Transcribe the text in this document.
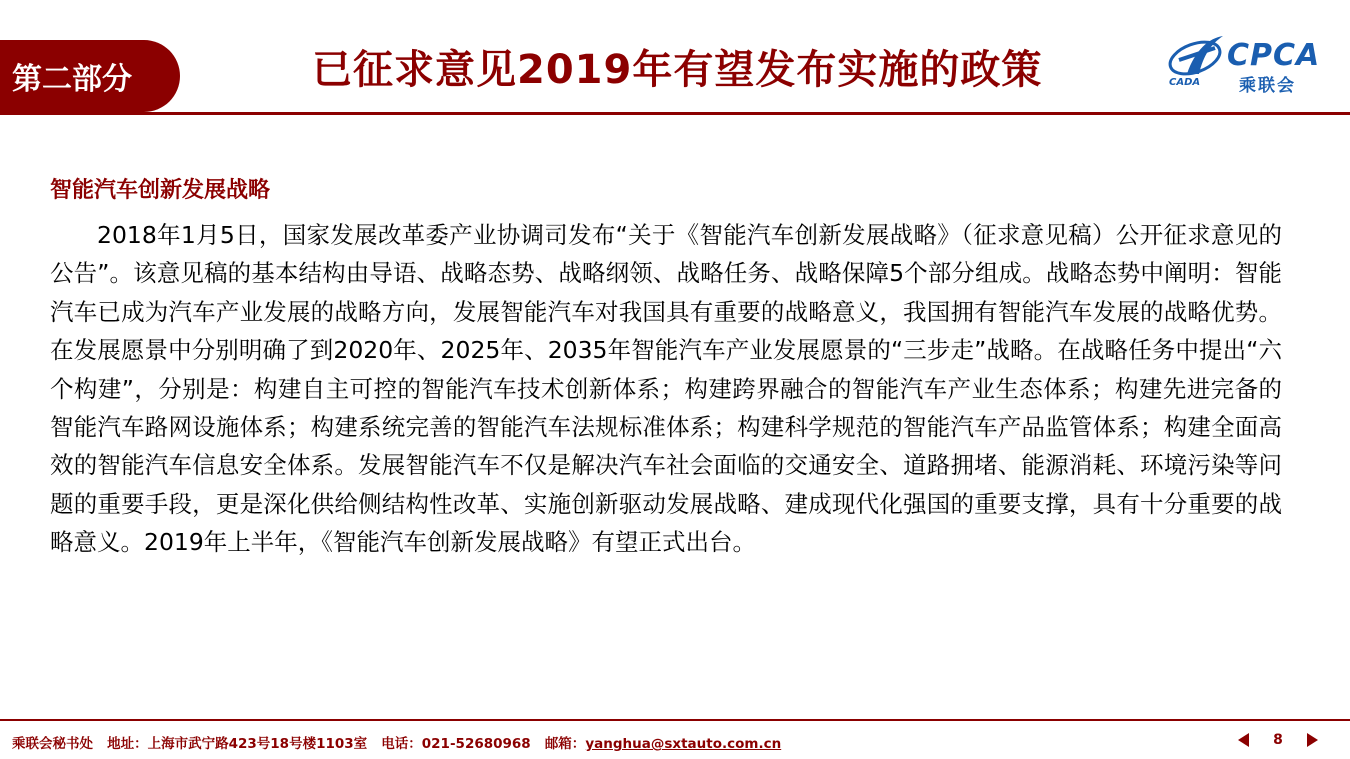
第二部分	已征求意见2019年有望发布实施的政策	CPCA
乘联会
CADA
智能汽车创新发展战略

2018年1月5日，国家发展改革委产业协调司发布“关于《智能汽车创新发展战略》（征求意见稿）公开征求意见的公告”。该意见稿的基本结构由导语、战略态势、战略纲领、战略任务、战略保障5个部分组成。战略态势中阐明：智能汽车已成为汽车产业发展的战略方向，发展智能汽车对我国具有重要的战略意义，我国拥有智能汽车发展的战略优势。在发展愿景中分别明确了到2020年、2025年、2035年智能汽车产业发展愿景的“三步走”战略。在战略任务中提出“六个构建”，分别是：构建自主可控的智能汽车技术创新体系；构建跨界融合的智能汽车产业生态体系；构建先进完备的智能汽车路网设施体系；构建系统完善的智能汽车法规标准体系；构建科学规范的智能汽车产品监管体系；构建全面高效的智能汽车信息安全体系。发展智能汽车不仅是解决汽车社会面临的交通安全、道路拥堵、能源消耗、环境污染等问题的重要手段，更是深化供给侧结构性改革、实施创新驱动发展战略、建成现代化强国的重要支撑，具有十分重要的战略意义。2019年上半年，《智能汽车创新发展战略》有望正式出台。

乘联会秘书处 地址：上海市武宁路423号18号楼1103室 电话：021-52680968 邮箱：yanghua@sxtauto.com.cn	8
